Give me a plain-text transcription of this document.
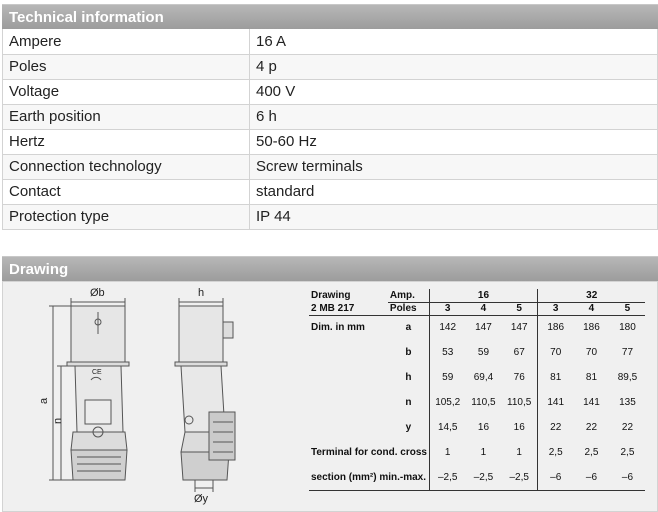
Technical information
Ampere	16 A
Poles	4 p
Voltage	400 V
Earth position	6 h
Hertz	50-60 Hz
Connection technology	Screw terminals
Contact	standard
Protection type	IP 44
Drawing
Øb	h
a
n
Øy
CE
Drawing	Amp.	16			32		
2 MB 217	Poles	3	4	5	3	4	5
Dim. in mm	a	142	147	147	186	186	180
	b	53	59	67	70	70	77
	h	59	69,4	76	81	81	89,5
	n	105,2	110,5	110,5	141	141	135
	y	14,5	16	16	22	22	22
Terminal for cond. cross		1	1	1	2,5	2,5	2,5
section (mm²) min.-max.		–2,5	–2,5	–2,5	–6	–6	–6
